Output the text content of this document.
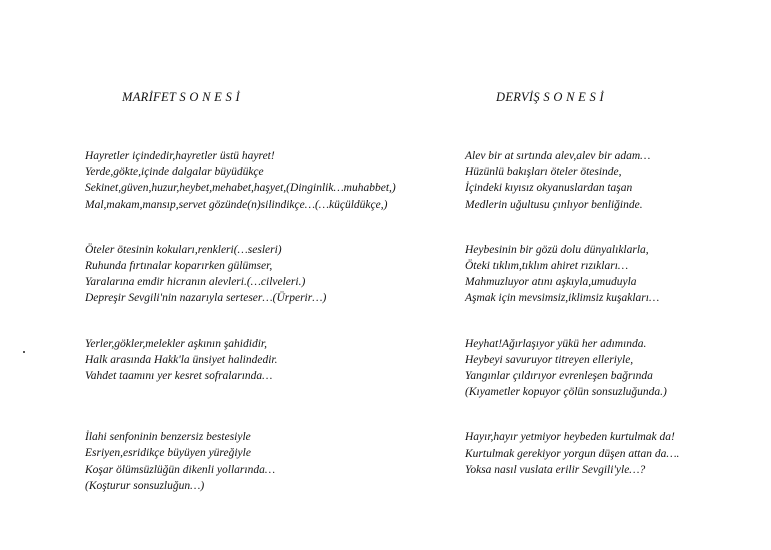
MARİFET S O N E S İ	DERVİŞ S O N E S İ

Hayretler içindedir,hayretler üstü hayret!
Yerde,gökte,içinde dalgalar büyüdükçe
Sekinet,güven,huzur,heybet,mehabet,haşyet,(Dinginlik…muhabbet,)
Mal,makam,mansıp,servet gözünde(n)silindikçe…(…küçüldükçe,)

Öteler ötesinin kokuları,renkleri(…sesleri)
Ruhunda fırtınalar koparırken gülümser,
Yaralarına emdir hicranın alevleri.(…cilveleri.)
Depreşir Sevgili'nin nazarıyla serteser…(Ürperir…)

Yerler,gökler,melekler aşkının şahididir,
Halk arasında Hakk'la ünsiyet halindedir.
Vahdet taamını yer kesret sofralarında…

İlahi senfoninin benzersiz bestesiyle
Esriyen,esridikçe büyüyen yüreğiyle
Koşar ölümsüzlüğün dikenli yollarında…
(Koşturur sonsuzluğun…)

Alev bir at sırtında alev,alev bir adam…
Hüzünlü bakışları öteler ötesinde,
İçindeki kıyısız okyanuslardan taşan
Medlerin uğultusu çınlıyor benliğinde.

Heybesinin bir gözü dolu dünyalıklarla,
Öteki tıklım,tıklım ahiret rızıkları…
Mahmuzluyor atını aşkıyla,umuduyla
Aşmak için mevsimsiz,iklimsiz kuşakları…

Heyhat!Ağırlaşıyor yükü her adımında.
Heybeyi savuruyor titreyen elleriyle,
Yangınlar çıldırıyor evrenleşen bağrında
(Kıyametler kopuyor çölün sonsuzluğunda.)

Hayır,hayır yetmiyor heybeden kurtulmak da!
Kurtulmak gerekiyor yorgun düşen attan da….
Yoksa nasıl vuslata erilir Sevgili'yle…?
